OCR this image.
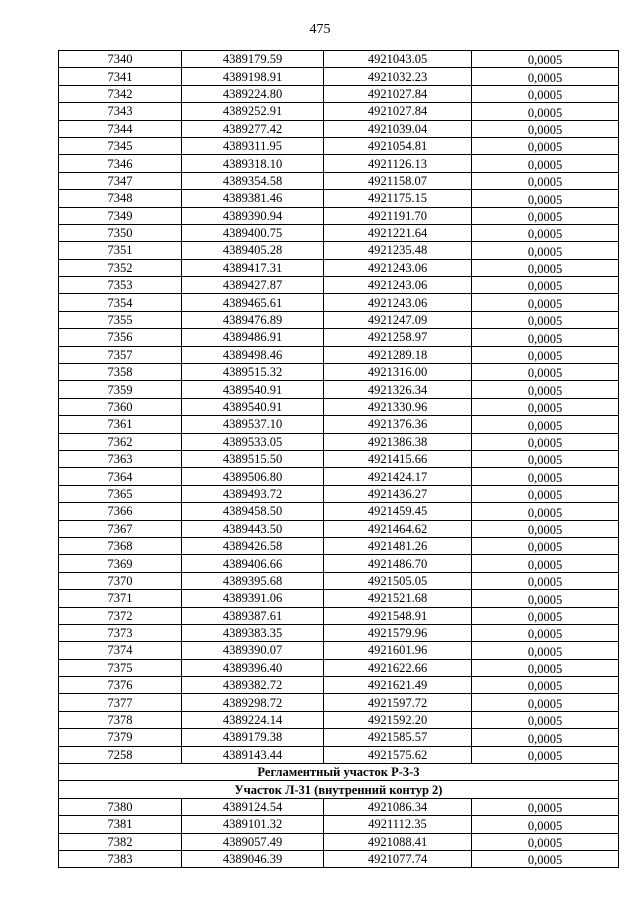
475
7340	4389179.59	4921043.05	0,0005
7341	4389198.91	4921032.23	0,0005
7342	4389224.80	4921027.84	0,0005
7343	4389252.91	4921027.84	0,0005
7344	4389277.42	4921039.04	0,0005
7345	4389311.95	4921054.81	0,0005
7346	4389318.10	4921126.13	0,0005
7347	4389354.58	4921158.07	0,0005
7348	4389381.46	4921175.15	0,0005
7349	4389390.94	4921191.70	0,0005
7350	4389400.75	4921221.64	0,0005
7351	4389405.28	4921235.48	0,0005
7352	4389417.31	4921243.06	0,0005
7353	4389427.87	4921243.06	0,0005
7354	4389465.61	4921243.06	0,0005
7355	4389476.89	4921247.09	0,0005
7356	4389486.91	4921258.97	0,0005
7357	4389498.46	4921289.18	0,0005
7358	4389515.32	4921316.00	0,0005
7359	4389540.91	4921326.34	0,0005
7360	4389540.91	4921330.96	0,0005
7361	4389537.10	4921376.36	0,0005
7362	4389533.05	4921386.38	0,0005
7363	4389515.50	4921415.66	0,0005
7364	4389506.80	4921424.17	0,0005
7365	4389493.72	4921436.27	0,0005
7366	4389458.50	4921459.45	0,0005
7367	4389443.50	4921464.62	0,0005
7368	4389426.58	4921481.26	0,0005
7369	4389406.66	4921486.70	0,0005
7370	4389395.68	4921505.05	0,0005
7371	4389391.06	4921521.68	0,0005
7372	4389387.61	4921548.91	0,0005
7373	4389383.35	4921579.96	0,0005
7374	4389390.07	4921601.96	0,0005
7375	4389396.40	4921622.66	0,0005
7376	4389382.72	4921621.49	0,0005
7377	4389298.72	4921597.72	0,0005
7378	4389224.14	4921592.20	0,0005
7379	4389179.38	4921585.57	0,0005
7258	4389143.44	4921575.62	0,0005
Регламентный участок Р-3-3			
Участок Л-31 (внутренний контур 2)			
7380	4389124.54	4921086.34	0,0005
7381	4389101.32	4921112.35	0,0005
7382	4389057.49	4921088.41	0,0005
7383	4389046.39	4921077.74	0,0005
